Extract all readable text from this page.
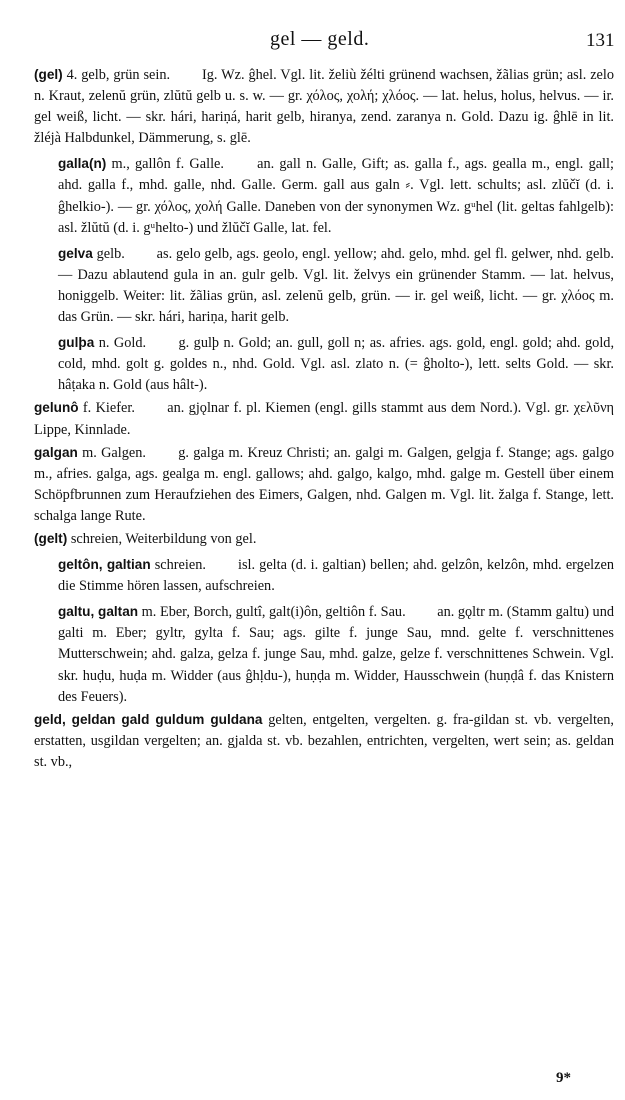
gel — geld.	131

(gel) 4. gelb, grün sein. Ig. Wz. ĝhel. Vgl. lit. želiù žélti grünend wachsen, žãlias grün; asl. zelo n. Kraut, zelenŭ grün, zlŭtŭ gelb u. s. w. — gr. χόλος, χολή; χλόος. — lat. helus, holus, helvus. — ir. gel weiß, licht. — skr. hári, hariṇá, harit gelb, hiranya, zend. zaranya n. Gold. Dazu ig. ĝhlē in lit. žléjà Halbdunkel, Dämmerung, s. glē.

galla(n) m., gallôn f. Galle. an. gall n. Galle, Gift; as. galla f., ags. gealla m., engl. gall; ahd. galla f., mhd. galle, nhd. Galle. Germ. gall aus galn ⸗. Vgl. lett. schults; asl. zlŭčĭ (d. i. ĝhelkio-). — gr. χόλος, χολή Galle. Daneben von der synonymen Wz. gᵘhel (lit. geltas fahlgelb): asl. žlŭtŭ (d. i. gᵘhelto-) und žlŭčĭ Galle, lat. fel.

gelva gelb. as. gelo gelb, ags. geolo, engl. yellow; ahd. gelo, mhd. gel fl. gelwer, nhd. gelb. — Dazu ablautend gula in an. gulr gelb. Vgl. lit. želvys ein grünender Stamm. — lat. helvus, honiggelb. Weiter: lit. žãlias grün, asl. zelenŭ gelb, grün. — ir. gel weiß, licht. — gr. χλόος m. das Grün. — skr. hári, hariṇa, harit gelb.

gulþa n. Gold. g. gulþ n. Gold; an. gull, goll n; as. afries. ags. gold, engl. gold; ahd. gold, cold, mhd. golt g. goldes n., nhd. Gold. Vgl. asl. zlato n. (= ĝholto-), lett. selts Gold. — skr. hâṭaka n. Gold (aus hâlt-).

gelunô f. Kiefer. an. gjǫlnar f. pl. Kiemen (engl. gills stammt aus dem Nord.). Vgl. gr. χελῦνη Lippe, Kinnlade.

galgan m. Galgen. g. galga m. Kreuz Christi; an. galgi m. Galgen, gelgja f. Stange; ags. galgo m., afries. galga, ags. gealga m. engl. gallows; ahd. galgo, kalgo, mhd. galge m. Gestell über einem Schöpfbrunnen zum Heraufziehen des Eimers, Galgen, nhd. Galgen m. Vgl. lit. žalga f. Stange, lett. schalga lange Rute.

(gelt) schreien, Weiterbildung von gel.

geltôn, galtian schreien. isl. gelta (d. i. galtian) bellen; ahd. gelzôn, kelzôn, mhd. ergelzen die Stimme hören lassen, aufschreien.

galtu, galtan m. Eber, Borch, gultî, galt(i)ôn, geltiôn f. Sau. an. gǫltr m. (Stamm galtu) und galti m. Eber; gyltr, gylta f. Sau; ags. gilte f. junge Sau, mnd. gelte f. verschnittenes Mutterschwein; ahd. galza, gelza f. junge Sau, mhd. galze, gelze f. verschnittenes Schwein. Vgl. skr. huḍu, huḍa m. Widder (aus ĝhḷdu-), huṇḍa m. Widder, Hausschwein (huṇḍâ f. das Knistern des Feuers).

geld, geldan gald guldum guldana gelten, entgelten, vergelten. g. fra-gildan st. vb. vergelten, erstatten, usgildan vergelten; an. gjalda st. vb. bezahlen, entrichten, vergelten, wert sein; as. geldan st. vb.,

9*
